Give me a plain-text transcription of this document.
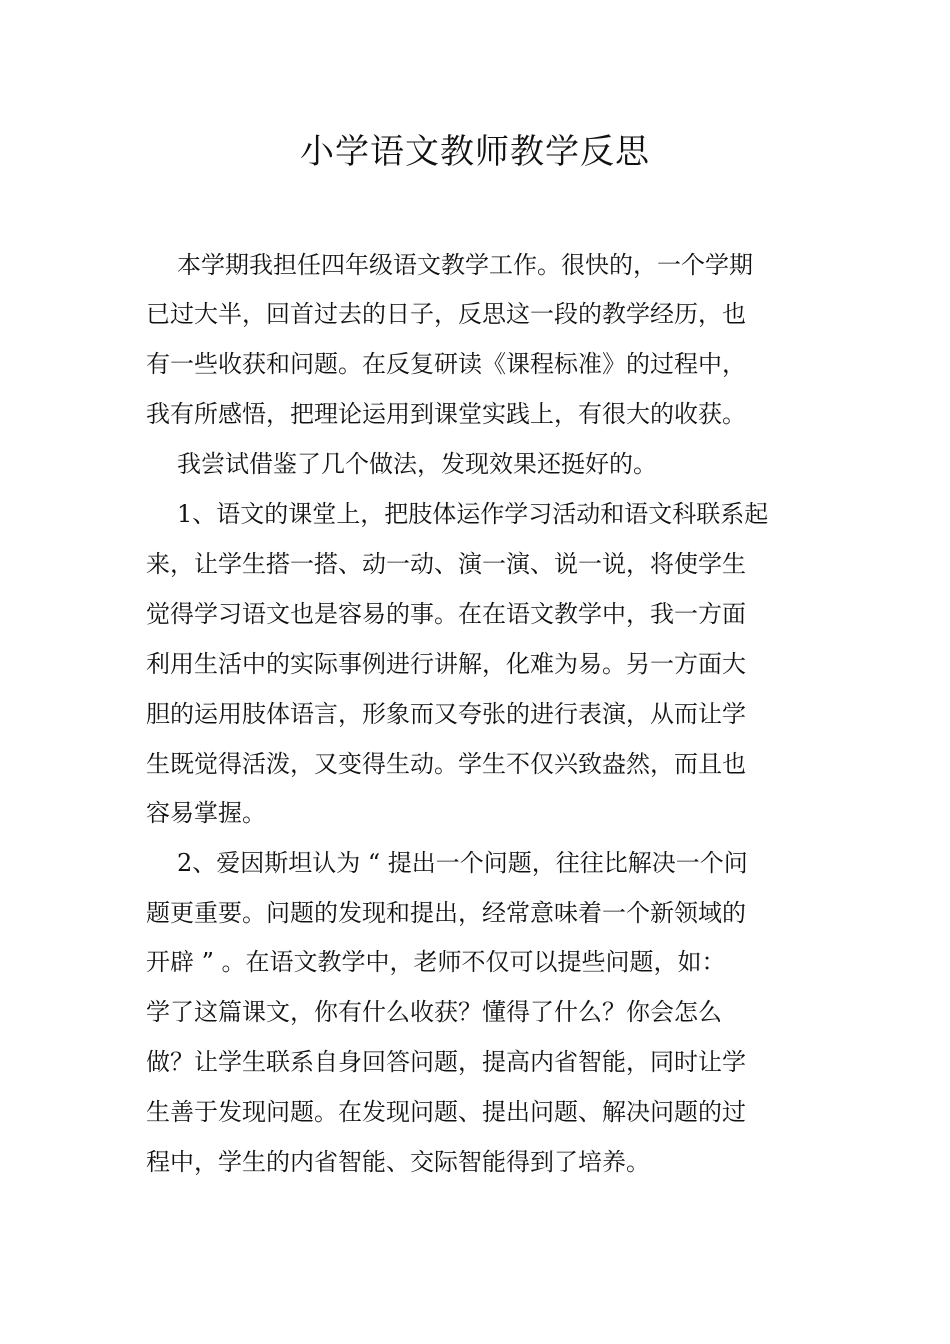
小学语文教师教学反思
本学期我担任四年级语文教学工作。很快的，一个学期
已过大半，回首过去的日子，反思这一段的教学经历，也
有一些收获和问题。在反复研读《课程标准》的过程中，
我有所感悟，把理论运用到课堂实践上，有很大的收获。
我尝试借鉴了几个做法，发现效果还挺好的。
1、语文的课堂上，把肢体运作学习活动和语文科联系起
来，让学生搭一搭、动一动、演一演、说一说，将使学生
觉得学习语文也是容易的事。在在语文教学中，我一方面
利用生活中的实际事例进行讲解，化难为易。另一方面大
胆的运用肢体语言，形象而又夸张的进行表演，从而让学
生既觉得活泼，又变得生动。学生不仅兴致盎然，而且也
容易掌握。
2、爱因斯坦认为 “ 提出一个问题，往往比解决一个问
题更重要。问题的发现和提出，经常意味着一个新领域的
开辟 ” 。在语文教学中，老师不仅可以提些问题，如：
学了这篇课文，你有什么收获？懂得了什么？你会怎么
做？让学生联系自身回答问题，提高内省智能，同时让学
生善于发现问题。在发现问题、提出问题、解决问题的过
程中，学生的内省智能、交际智能得到了培养。
